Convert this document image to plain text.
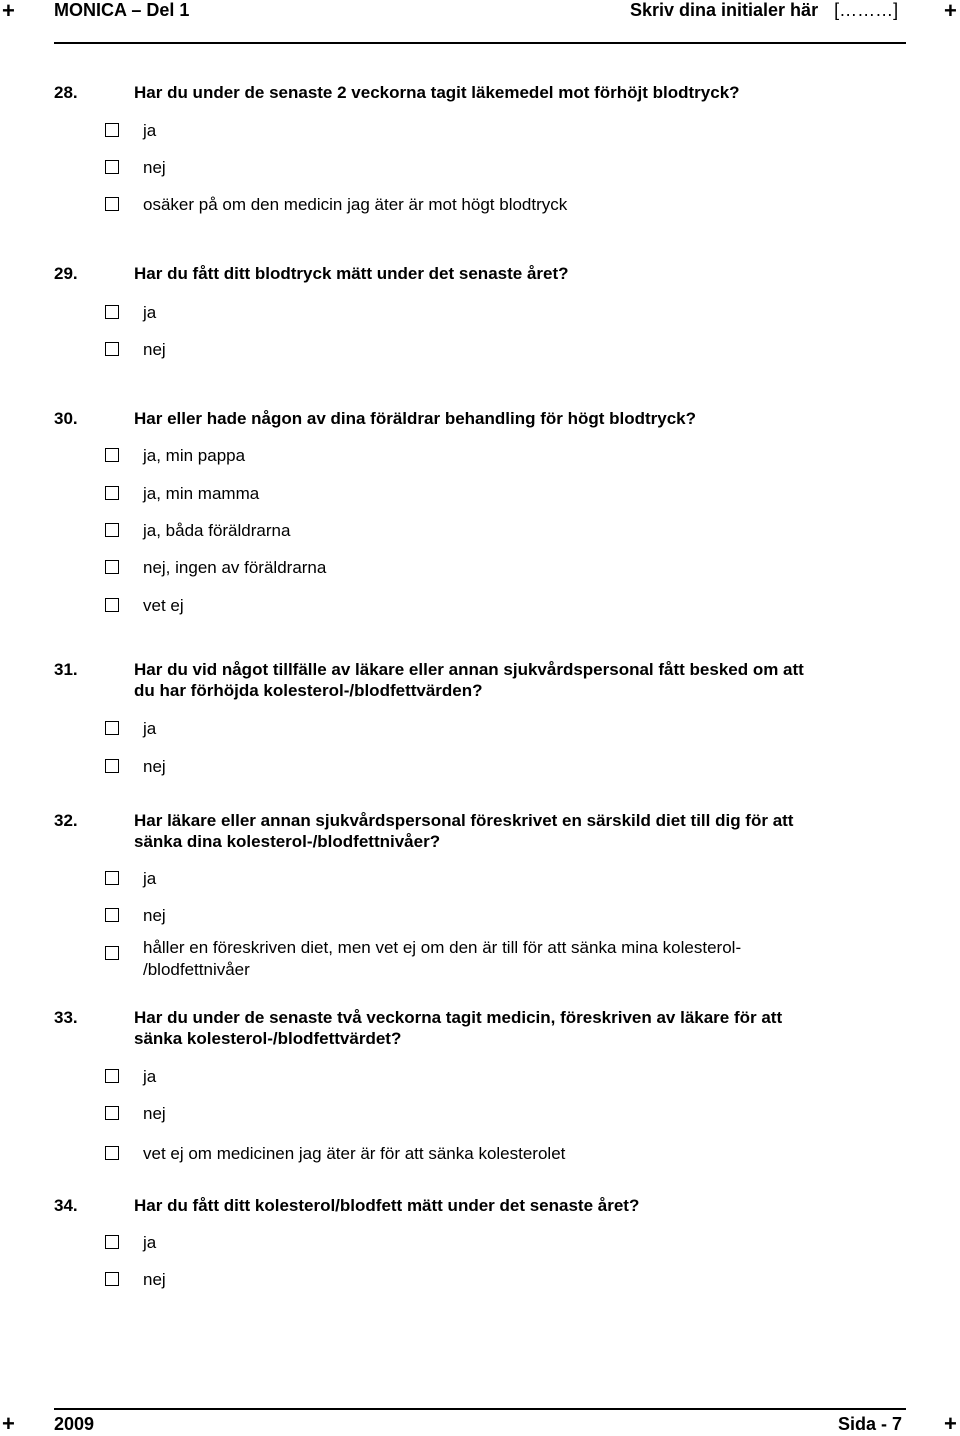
+ MONICA – Del 1	Skriv dina initialer här [………] +
28.	Har du under de senaste 2 veckorna tagit läkemedel mot förhöjt blodtryck?
ja
nej
osäker på om den medicin jag äter är mot högt blodtryck
29.	Har du fått ditt blodtryck mätt under det senaste året?
ja
nej
30.	Har eller hade någon av dina föräldrar behandling för högt blodtryck?
ja, min pappa
ja, min mamma
ja, båda föräldrarna
nej, ingen av föräldrarna
vet ej
31.	Har du vid något tillfälle av läkare eller annan sjukvårdspersonal fått besked om att
du har förhöjda kolesterol-/blodfettvärden?
ja
nej
32.	Har läkare eller annan sjukvårdspersonal föreskrivet en särskild diet till dig för att
sänka dina kolesterol-/blodfettnivåer?
ja
nej
håller en föreskriven diet, men vet ej om den är till för att sänka mina kolesterol-
/blodfettnivåer
33.	Har du under de senaste två veckorna tagit medicin, föreskriven av läkare för att
sänka kolesterol-/blodfettvärdet?
ja
nej
vet ej om medicinen jag äter är för att sänka kolesterolet
34.	Har du fått ditt kolesterol/blodfett mätt under det senaste året?
ja
nej
+ 2009	Sida - 7 +
